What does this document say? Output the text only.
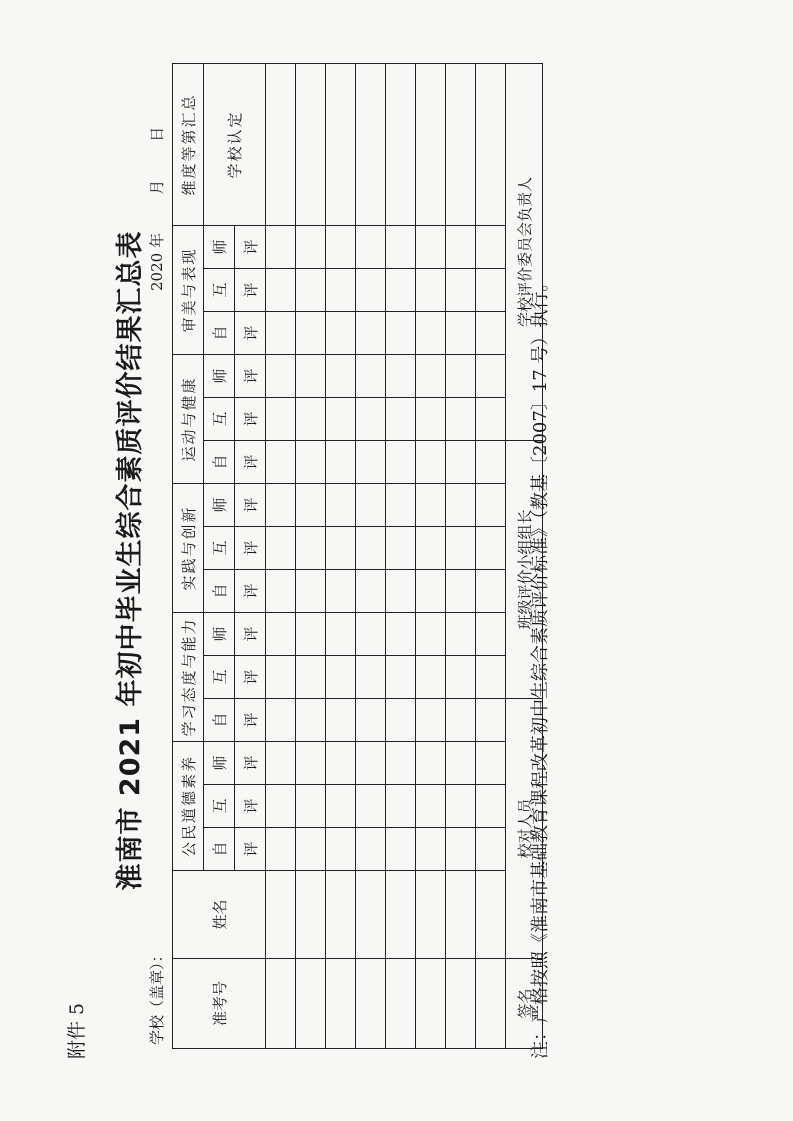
附件 5
淮南市 2021 年初中毕业生综合素质评价结果汇总表
学校（盖章）：
2020 年        月        日
准考号	姓名	公民道德素养			学习态度与能力			实践与创新			运动与健康			审美与表现			维度等第汇总
		自	互	师	自	互	师	自	互	师	自	互	师	自	互	师	学校认定
		评	评	评	评	评	评	评	评	评	评	评	评	评	评	评	

签名	校对人员					班级评价小组组长						学校评价委员会负责人					
注：严格按照《淮南市基础教育课程改革初中生综合素质评价标准》（教基〔2007〕17 号）执行。
